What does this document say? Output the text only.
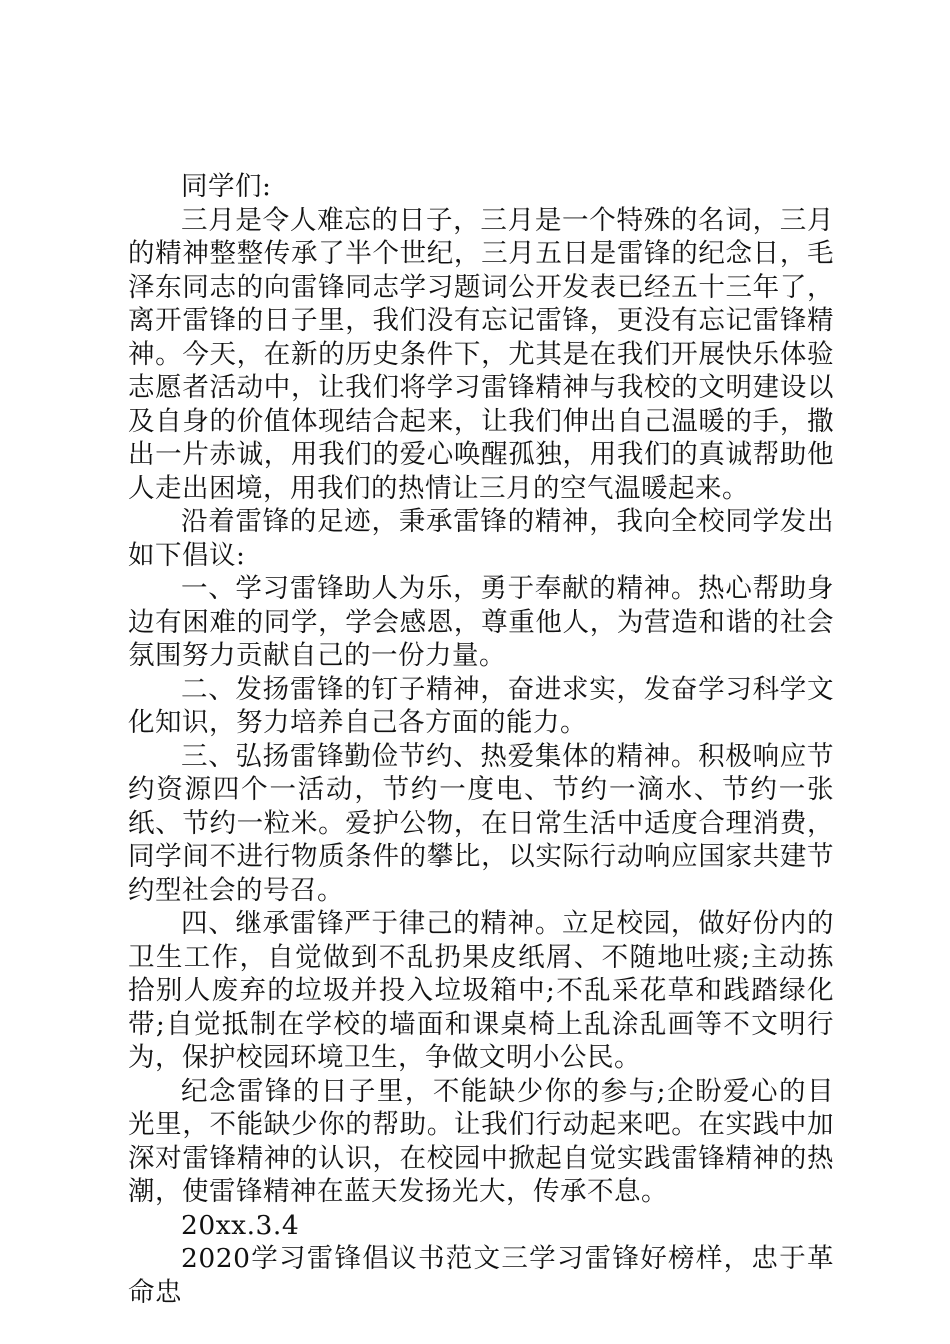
同学们:

三月是令人难忘的日子，三月是一个特殊的名词，三月的精神整整传承了半个世纪，三月五日是雷锋的纪念日，毛泽东同志的向雷锋同志学习题词公开发表已经五十三年了，离开雷锋的日子里，我们没有忘记雷锋，更没有忘记雷锋精神。今天，在新的历史条件下，尤其是在我们开展快乐体验志愿者活动中，让我们将学习雷锋精神与我校的文明建设以及自身的价值体现结合起来，让我们伸出自己温暖的手，撒出一片赤诚，用我们的爱心唤醒孤独，用我们的真诚帮助他人走出困境，用我们的热情让三月的空气温暖起来。

沿着雷锋的足迹，秉承雷锋的精神，我向全校同学发出如下倡议:

一、学习雷锋助人为乐，勇于奉献的精神。热心帮助身边有困难的同学，学会感恩，尊重他人，为营造和谐的社会氛围努力贡献自己的一份力量。

二、发扬雷锋的钉子精神，奋进求实，发奋学习科学文化知识，努力培养自己各方面的能力。

三、弘扬雷锋勤俭节约、热爱集体的精神。积极响应节约资源四个一活动，节约一度电、节约一滴水、节约一张纸、节约一粒米。爱护公物，在日常生活中适度合理消费，同学间不进行物质条件的攀比，以实际行动响应国家共建节约型社会的号召。

四、继承雷锋严于律己的精神。立足校园，做好份内的卫生工作，自觉做到不乱扔果皮纸屑、不随地吐痰;主动拣拾别人废弃的垃圾并投入垃圾箱中;不乱采花草和践踏绿化带;自觉抵制在学校的墙面和课桌椅上乱涂乱画等不文明行为，保护校园环境卫生，争做文明小公民。

纪念雷锋的日子里，不能缺少你的参与;企盼爱心的目光里，不能缺少你的帮助。让我们行动起来吧。在实践中加深对雷锋精神的认识，在校园中掀起自觉实践雷锋精神的热潮，使雷锋精神在蓝天发扬光大，传承不息。

20xx.3.4

2020学习雷锋倡议书范文三学习雷锋好榜样，忠于革命忠
